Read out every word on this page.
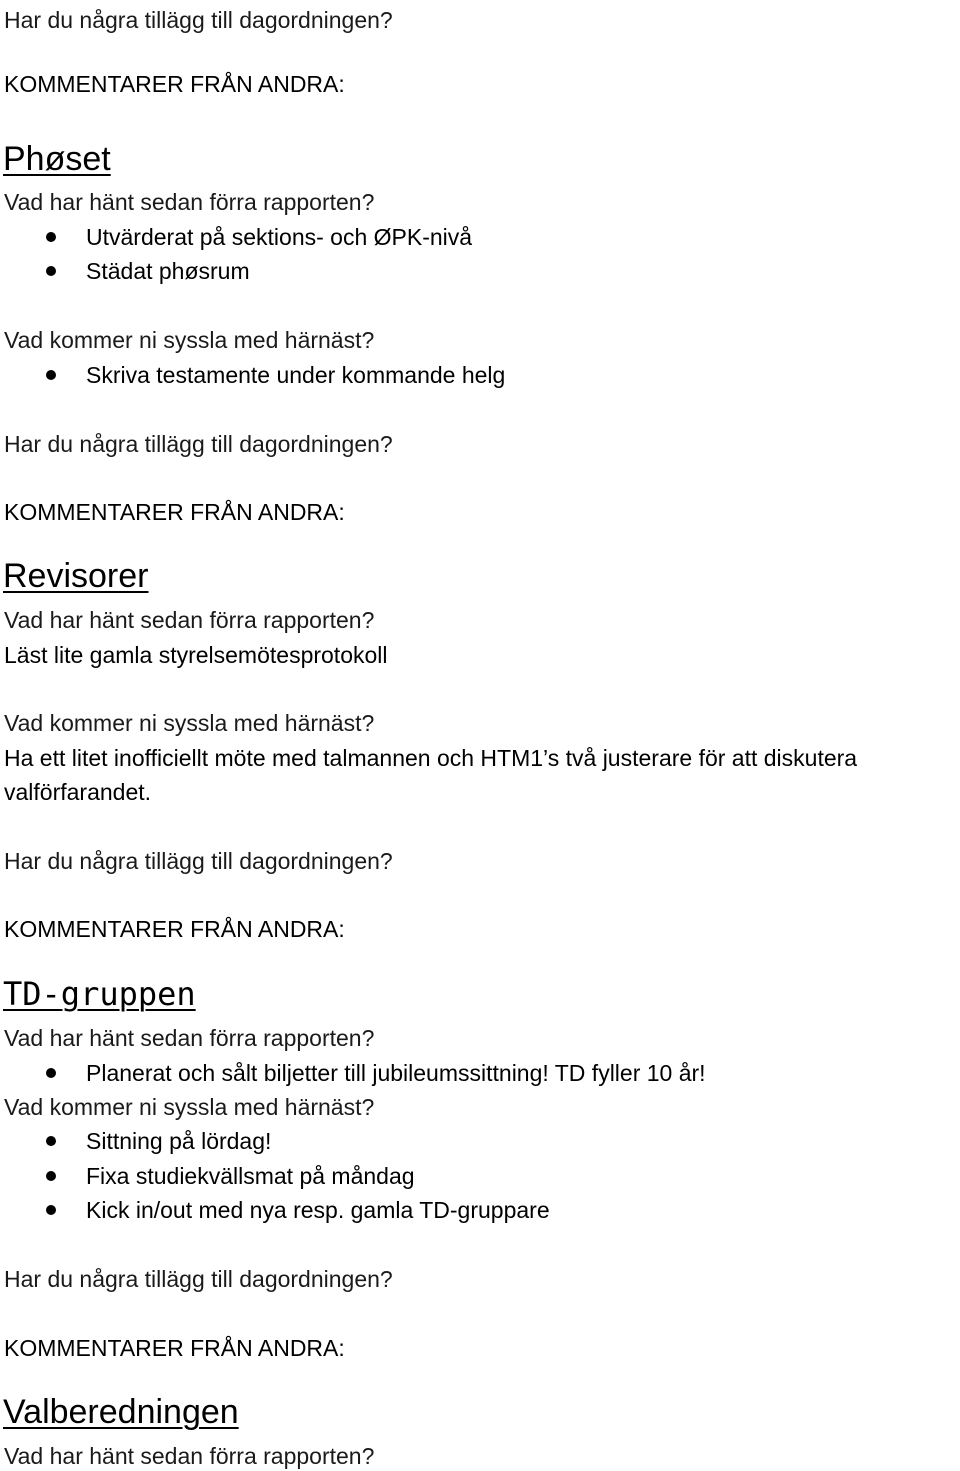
Har du några tillägg till dagordningen?
KOMMENTARER FRÅN ANDRA:
Phøset
Vad har hänt sedan förra rapporten?
Utvärderat på sektions- och ØPK-nivå
Städat phøsrum
Vad kommer ni syssla med härnäst?
Skriva testamente under kommande helg
Har du några tillägg till dagordningen?
KOMMENTARER FRÅN ANDRA:
Revisorer
Vad har hänt sedan förra rapporten?
Läst lite gamla styrelsemötesprotokoll
Vad kommer ni syssla med härnäst?
Ha ett litet inofficiellt möte med talmannen och HTM1’s två justerare för att diskutera
valförfarandet.
Har du några tillägg till dagordningen?
KOMMENTARER FRÅN ANDRA:
TD-gruppen
Vad har hänt sedan förra rapporten?
Planerat och sålt biljetter till jubileumssittning! TD fyller 10 år!
Vad kommer ni syssla med härnäst?
Sittning på lördag!
Fixa studiekvällsmat på måndag
Kick in/out med nya resp. gamla TD-gruppare
Har du några tillägg till dagordningen?
KOMMENTARER FRÅN ANDRA:
Valberedningen
Vad har hänt sedan förra rapporten?
